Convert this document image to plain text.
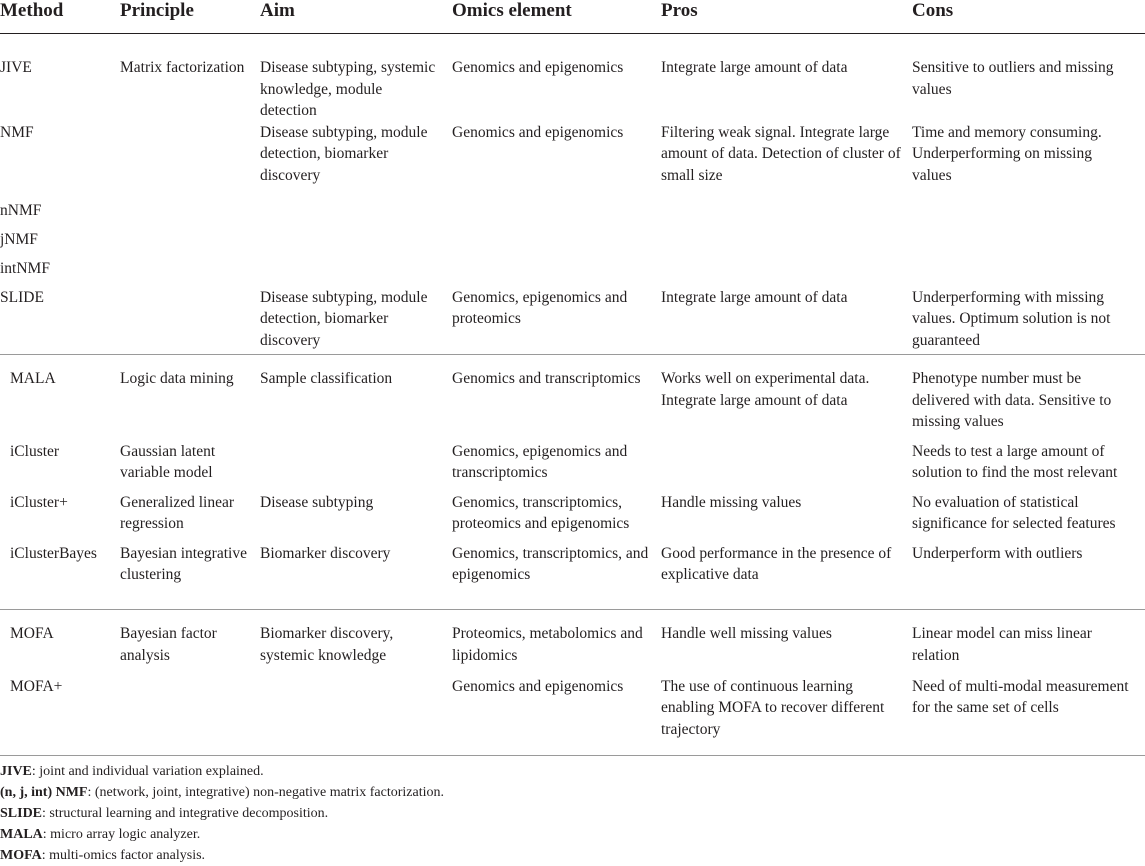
Method	Principle	Aim	Omics element	Pros	Cons

JIVE	Matrix factorization	Disease subtyping, systemic knowledge, module detection	Genomics and epigenomics	Integrate large amount of data	Sensitive to outliers and missing values

NMF		Disease subtyping, module detection, biomarker discovery	Genomics and epigenomics	Filtering weak signal. Integrate large amount of data. Detection of cluster of small size	Time and memory consuming. Underperforming on missing values

nNMF					

jNMF					

intNMF					

SLIDE		Disease subtyping, module detection, biomarker discovery	Genomics, epigenomics and proteomics	Integrate large amount of data	Underperforming with missing values. Optimum solution is not guaranteed

MALA	Logic data mining	Sample classification	Genomics and transcriptomics	Works well on experimental data. Integrate large amount of data	Phenotype number must be delivered with data. Sensitive to missing values

iCluster	Gaussian latent variable model		Genomics, epigenomics and transcriptomics		Needs to test a large amount of solution to find the most relevant

iCluster+	Generalized linear regression	Disease subtyping	Genomics, transcriptomics, proteomics and epigenomics	Handle missing values	No evaluation of statistical significance for selected features

iClusterBayes	Bayesian integrative clustering	Biomarker discovery	Genomics, transcriptomics, and epigenomics	Good performance in the presence of explicative data	Underperform with outliers

MOFA	Bayesian factor analysis	Biomarker discovery, systemic knowledge	Proteomics, metabolomics and lipidomics	Handle well missing values	Linear model can miss linear relation

MOFA+			Genomics and epigenomics	The use of continuous learning enabling MOFA to recover different trajectory	Need of multi-modal measurement for the same set of cells
JIVE: joint and individual variation explained.
(n, j, int) NMF: (network, joint, integrative) non-negative matrix factorization.
SLIDE: structural learning and integrative decomposition.
MALA: micro array logic analyzer.
MOFA: multi-omics factor analysis.
